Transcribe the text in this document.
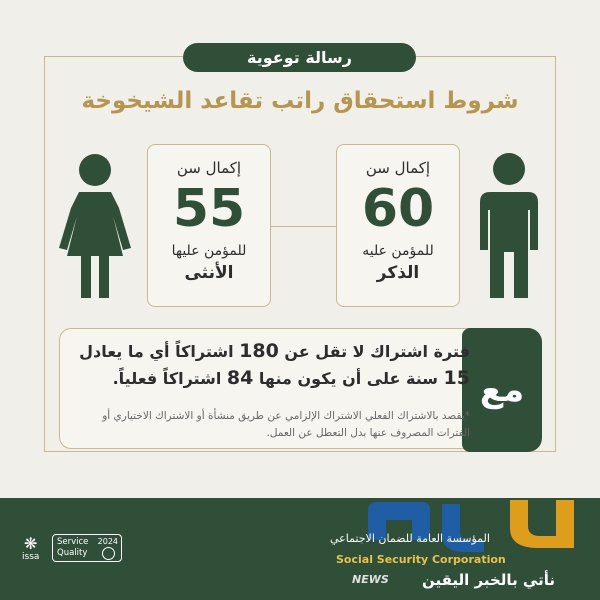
رسالة توعوية
شروط استحقاق راتب تقاعد الشيخوخة
إكمال سن
55
للمؤمن عليها
الأنثى
إكمال سن
60
للمؤمن عليه
الذكر
مع
فترة اشتراك لا تقل عن 180 اشتراكاً أي ما يعادل
15 سنة على أن يكون منها 84 اشتراكاً فعلياً.
*يقصد بالاشتراك الفعلي الاشتراك الإلزامي عن طريق منشأة أو الاشتراك الاختياري أو الفترات المصروف عنها بدل التعطل عن العمل.
❋
issa
Service Quality
2024	المؤسسة العامة للضمان الاجتماعي
Social Security Corporation
NEWS نأتي بالخبر اليقين
